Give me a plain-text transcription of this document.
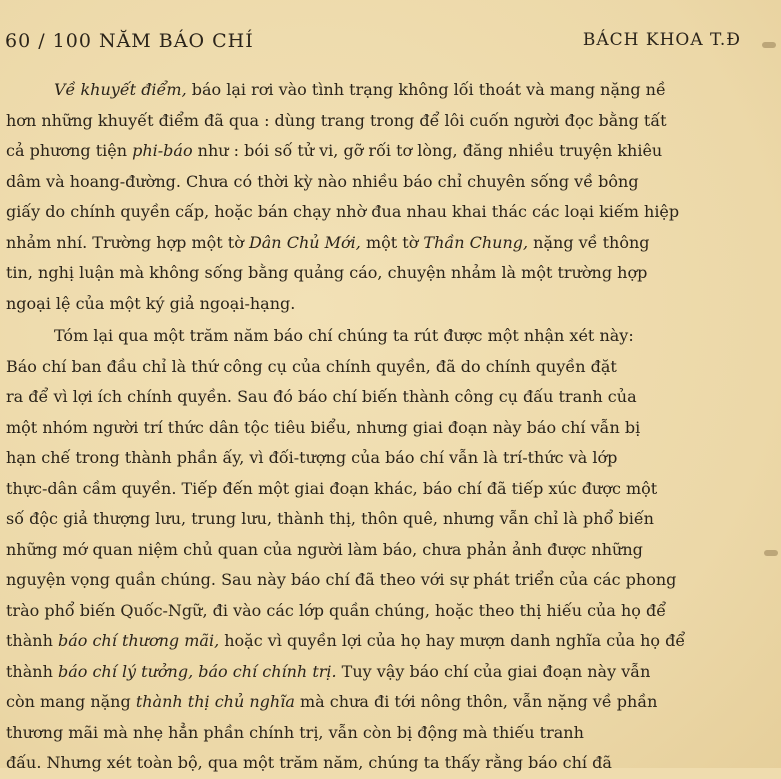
60 / 100 NĂM BÁO CHÍ	BÁCH KHOA T.Đ
Về khuyết điểm, báo lại rơi vào tình trạng không lối thoát và mang nặng nề
hơn những khuyết điểm đã qua : dùng trang trong để lôi cuốn người đọc bằng tất
cả phương tiện phi-báo như : bói số tử vi, gỡ rối tơ lòng, đăng nhiều truyện khiêu
dâm và hoang-đường. Chưa có thời kỳ nào nhiều báo chỉ chuyên sống về bông
giấy do chính quyền cấp, hoặc bán chạy nhờ đua nhau khai thác các loại kiếm hiệp
nhảm nhí. Trường hợp một tờ Dân Chủ Mới, một tờ Thần Chung, nặng về thông
tin, nghị luận mà không sống bằng quảng cáo, chuyện nhảm là một trường hợp
ngoại lệ của một ký giả ngoại-hạng.
Tóm lại qua một trăm năm báo chí chúng ta rút được một nhận xét này:
Báo chí ban đầu chỉ là thứ công cụ của chính quyền, đã do chính quyền đặt
ra để vì lợi ích chính quyền. Sau đó báo chí biến thành công cụ đấu tranh của
một nhóm người trí thức dân tộc tiêu biểu, nhưng giai đoạn này báo chí vẫn bị
hạn chế trong thành phần ấy, vì đối-tượng của báo chí vẫn là trí-thức và lớp
thực-dân cầm quyền. Tiếp đến một giai đoạn khác, báo chí đã tiếp xúc được một
số độc giả thượng lưu, trung lưu, thành thị, thôn quê, nhưng vẫn chỉ là phổ biến
những mớ quan niệm chủ quan của người làm báo, chưa phản ảnh được những
nguyện vọng quần chúng. Sau này báo chí đã theo với sự phát triển của các phong
trào phổ biến Quốc-Ngữ, đi vào các lớp quần chúng, hoặc theo thị hiếu của họ để
thành báo chí thương mãi, hoặc vì quyền lợi của họ hay mượn danh nghĩa của họ để
thành báo chí lý tưởng, báo chí chính trị. Tuy vậy báo chí của giai đoạn này vẫn
còn mang nặng thành thị chủ nghĩa mà chưa đi tới nông thôn, vẫn nặng về phần
thương mãi mà nhẹ hẳn phần chính trị, vẫn còn bị động mà thiếu tranh
đấu. Nhưng xét toàn bộ, qua một trăm năm, chúng ta thấy rằng báo chí đã
